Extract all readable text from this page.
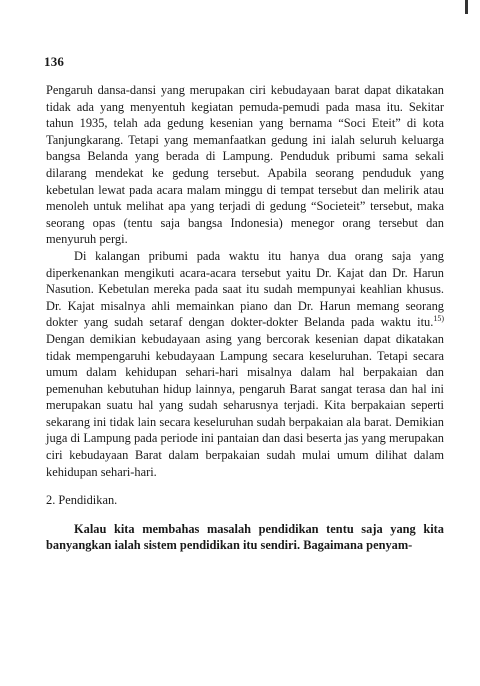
136

Pengaruh dansa-dansi yang merupakan ciri kebudayaan barat dapat dikatakan tidak ada yang menyentuh kegiatan pemuda-pemudi pada masa itu. Sekitar tahun 1935, telah ada gedung kesenian yang bernama “Soci Eteit” di kota Tanjungkarang. Tetapi yang memanfaatkan gedung ini ialah seluruh keluarga bangsa Belanda yang berada di Lampung. Penduduk pribumi sama sekali dilarang mendekat ke gedung tersebut. Apabila seorang penduduk yang kebetulan lewat pada acara malam minggu di tempat tersebut dan melirik atau menoleh untuk melihat apa yang terjadi di gedung “Societeit” tersebut, maka seorang opas (tentu saja bangsa Indonesia) menegor orang tersebut dan menyuruh pergi.

Di kalangan pribumi pada waktu itu hanya dua orang saja yang diperkenankan mengikuti acara-acara tersebut yaitu Dr. Kajat dan Dr. Harun Nasution. Kebetulan mereka pada saat itu sudah mempunyai keahlian khusus. Dr. Kajat misalnya ahli memainkan piano dan Dr. Harun memang seorang dokter yang sudah setaraf dengan dokter-dokter Belanda pada waktu itu.$^{15)}$ Dengan demikian kebudayaan asing yang bercorak kesenian dapat dikatakan tidak mempengaruhi kebudayaan Lampung secara keseluruhan. Tetapi secara umum dalam kehidupan sehari-hari misalnya dalam hal berpakaian dan pemenuhan kebutuhan hidup lainnya, pengaruh Barat sangat terasa dan hal ini merupakan suatu hal yang sudah seharusnya terjadi. Kita berpakaian seperti sekarang ini tidak lain secara keseluruhan sudah berpakaian ala barat. Demikian juga di Lampung pada periode ini pantaian dan dasi beserta jas yang merupakan ciri kebudayaan Barat dalam berpakaian sudah mulai umum dilihat dalam kehidupan sehari-hari.

2. Pendidikan.

Kalau kita membahas masalah pendidikan tentu saja yang kita banyangkan ialah sistem pendidikan itu sendiri. Bagaimana penyam-
